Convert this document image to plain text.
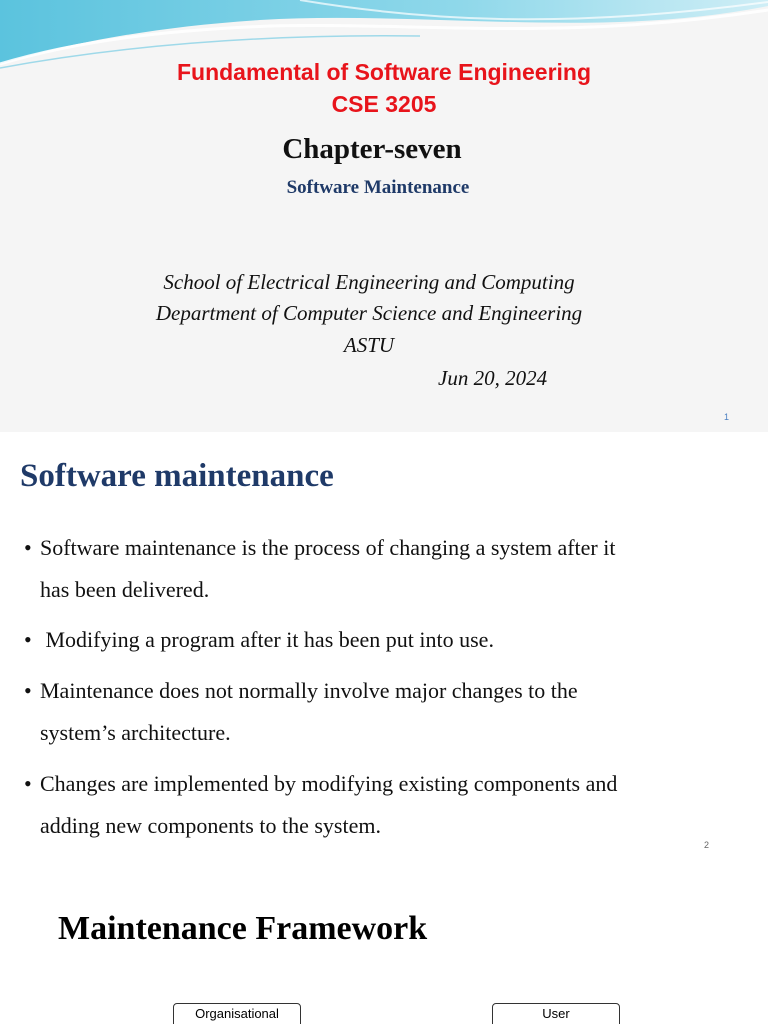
Fundamental of Software Engineering
CSE 3205
Chapter-seven
Software Maintenance
School of Electrical Engineering and Computing
Department of Computer Science and Engineering
ASTU
Jun 20, 2024
1
Software maintenance
• Software maintenance is the process of changing a system after it
has been delivered.
• Modifying a program after it has been put into use.
• Maintenance does not normally involve major changes to the
system’s architecture.
• Changes are implemented by modifying existing components and
adding new components to the system.
2
Maintenance Framework
Organisational	User
